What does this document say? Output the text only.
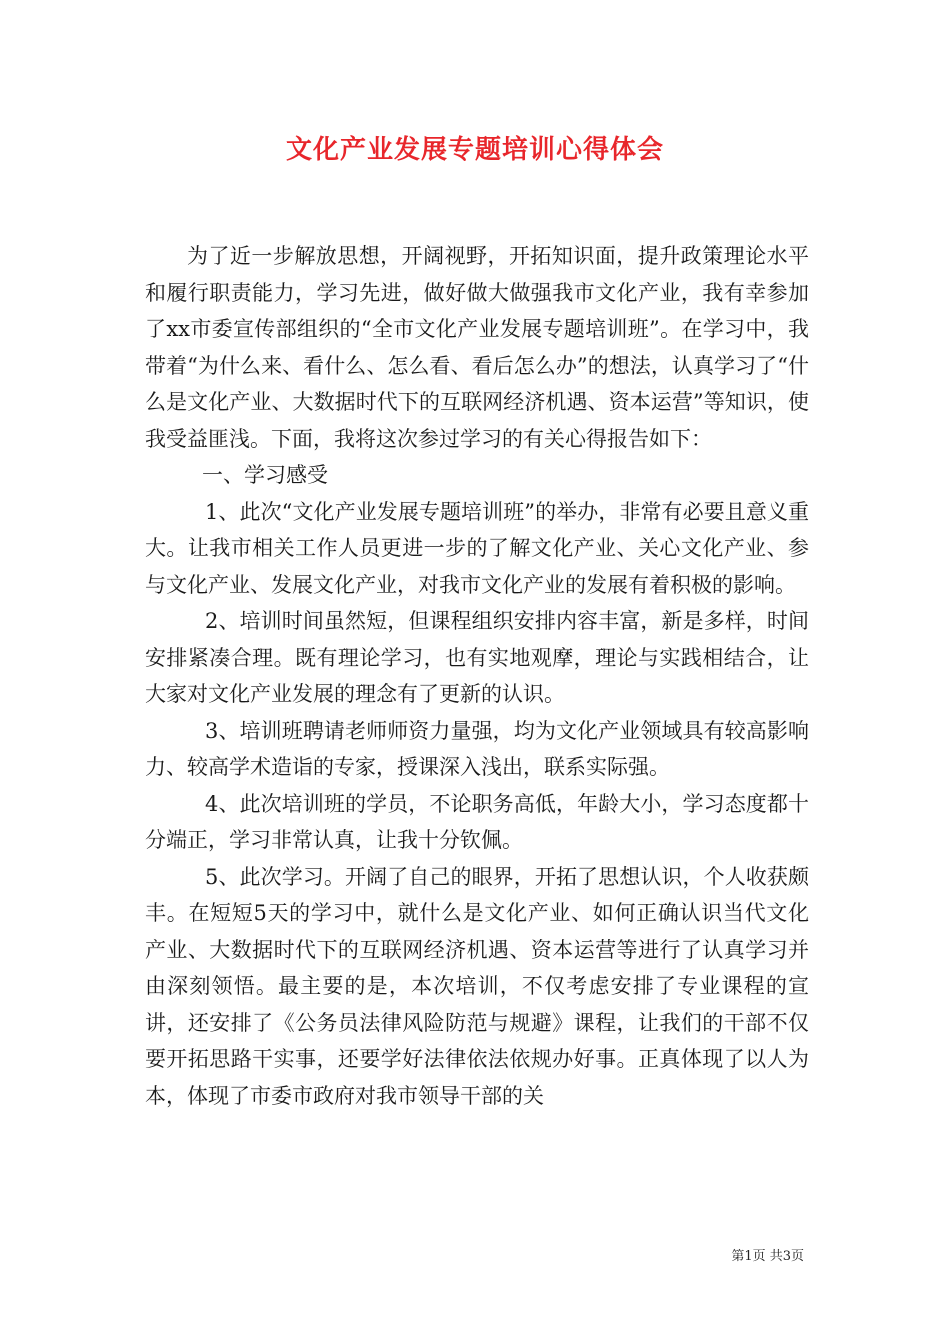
文化产业发展专题培训心得体会

为了近一步解放思想，开阔视野，开拓知识面，提升政策理论水平和履行职责能力，学习先进，做好做大做强我市文化产业，我有幸参加了xx市委宣传部组织的“全市文化产业发展专题培训班”。在学习中，我带着“为什么来、看什么、怎么看、看后怎么办”的想法，认真学习了“什么是文化产业、大数据时代下的互联网经济机遇、资本运营”等知识，使我受益匪浅。下面，我将这次参过学习的有关心得报告如下：

一、学习感受

1、此次“文化产业发展专题培训班”的举办，非常有必要且意义重大。让我市相关工作人员更进一步的了解文化产业、关心文化产业、参与文化产业、发展文化产业，对我市文化产业的发展有着积极的影响。

2、培训时间虽然短，但课程组织安排内容丰富，新是多样，时间安排紧凑合理。既有理论学习，也有实地观摩，理论与实践相结合，让大家对文化产业发展的理念有了更新的认识。

3、培训班聘请老师师资力量强，均为文化产业领域具有较高影响力、较高学术造诣的专家，授课深入浅出，联系实际强。

4、此次培训班的学员，不论职务高低，年龄大小，学习态度都十分端正，学习非常认真，让我十分钦佩。

5、此次学习。开阔了自己的眼界，开拓了思想认识，个人收获颇丰。在短短5天的学习中，就什么是文化产业、如何正确认识当代文化产业、大数据时代下的互联网经济机遇、资本运营等进行了认真学习并由深刻领悟。最主要的是，本次培训，不仅考虑安排了专业课程的宣讲，还安排了《公务员法律风险防范与规避》课程，让我们的干部不仅要开拓思路干实事，还要学好法律依法依规办好事。正真体现了以人为本，体现了市委市政府对我市领导干部的关

第1页 共3页
